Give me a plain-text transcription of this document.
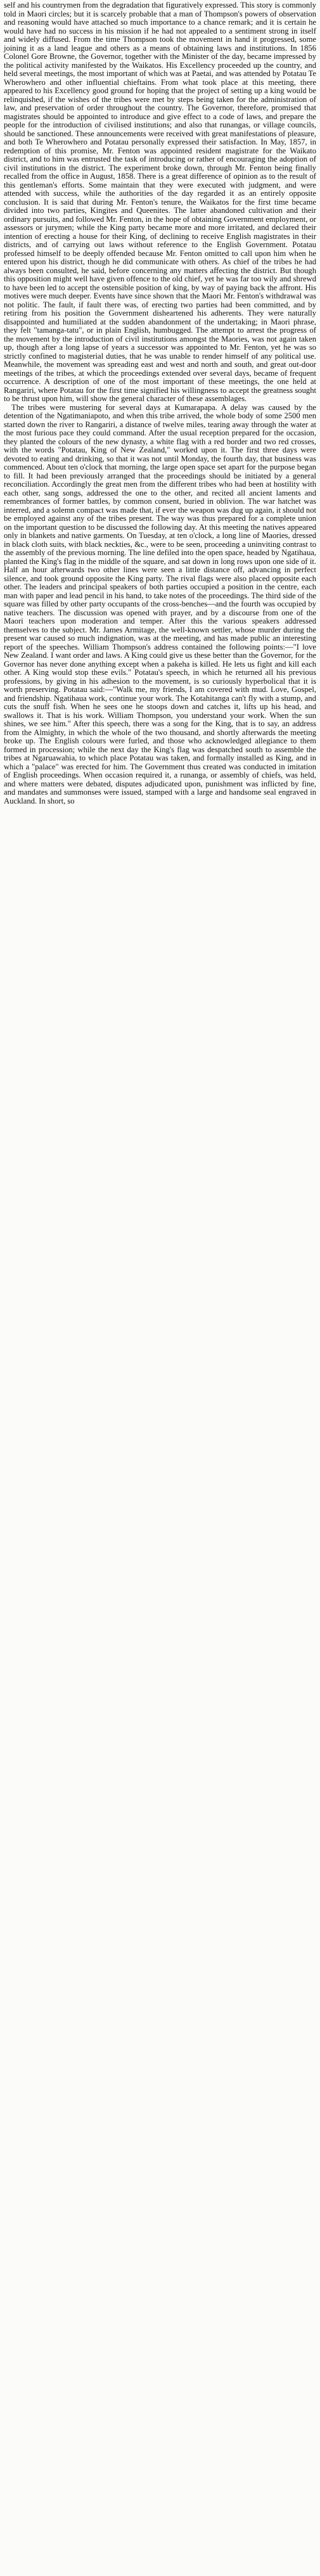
self and his countrymen from the degradation that figuratively expressed. This story is commonly told in Maori circles; but it is scarcely probable that a man of Thompson's powers of observation and reasoning would have attached so much importance to a chance remark; and it is certain he would have had no success in his mission if he had not appealed to a sentiment strong in itself and widely diffused. From the time Thompson took the movement in hand it progressed, some joining it as a land league and others as a means of obtaining laws and institutions. In 1856 Colonel Gore Browne, the Governor, together with the Minister of the day, became impressed by the political activity manifested by the Waikatos. His Excellency proceeded up the country, and held several meetings, the most important of which was at Paetai, and was attended by Potatau Te Wherowhero and other influential chieftains. From what took place at this meeting, there appeared to his Excellency good ground for hoping that the project of setting up a king would be relinquished, if the wishes of the tribes were met by steps being taken for the administration of law, and preservation of order throughout the country. The Governor, therefore, promised that magistrates should be appointed to introduce and give effect to a code of laws, and prepare the people for the introduction of civilised institutions; and also that runangas, or village councils, should be sanctioned. These announcements were received with great manifestations of pleasure, and both Te Wherowhero and Potatau personally expressed their satisfaction. In May, 1857, in redemption of this promise, Mr. Fenton was appointed resident magistrate for the Waikato district, and to him was entrusted the task of introducing or rather of encouraging the adoption of civil institutions in the district. The experiment broke down, through Mr. Fenton being finally recalled from the office in August, 1858. There is a great difference of opinion as to the result of this gentleman's efforts. Some maintain that they were executed with judgment, and were attended with success, while the authorities of the day regarded it as an entirely opposite conclusion. It is said that during Mr. Fenton's tenure, the Waikatos for the first time became divided into two parties, Kingites and Queenites. The latter abandoned cultivation and their ordinary pursuits, and followed Mr. Fenton, in the hope of obtaining Government employment, or assessors or jurymen; while the King party became more and more irritated, and declared their intention of erecting a house for their King, of declining to receive English magistrates in their districts, and of carrying out laws without reference to the English Government. Potatau professed himself to be deeply offended because Mr. Fenton omitted to call upon him when he entered upon his district, though he did communicate with others. As chief of the tribes he had always been consulted, he said, before concerning any matters affecting the district. But though this opposition might well have given offence to the old chief, yet he was far too wily and shrewd to have been led to accept the ostensible position of king, by way of paying back the affront. His motives were much deeper. Events have since shown that the Maori Mr. Fenton's withdrawal was not politic. The fault, if fault there was, of erecting two parties had been committed, and by retiring from his position the Government disheartened his adherents. They were naturally disappointed and humiliated at the sudden abandonment of the undertaking; in Maori phrase, they felt "tamanga-tatu", or in plain English, humbugged. The attempt to arrest the progress of the movement by the introduction of civil institutions amongst the Maories, was not again taken up, though after a long lapse of years a successor was appointed to Mr. Fenton, yet he was so strictly confined to magisterial duties, that he was unable to render himself of any political use. Meanwhile, the movement was spreading east and west and north and south, and great out-door meetings of the tribes, at which the proceedings extended over several days, became of frequent occurrence. A description of one of the most important of these meetings, the one held at Rangariri, where Potatau for the first time signified his willingness to accept the greatness sought to be thrust upon him, will show the general character of these assemblages.

The tribes were mustering for several days at Kumarapapa. A delay was caused by the detention of the Ngatimaniapoto, and when this tribe arrived, the whole body of some 2500 men started down the river to Rangariri, a distance of twelve miles, tearing away through the water at the most furious pace they could command. After the usual reception prepared for the occasion, they planted the colours of the new dynasty, a white flag with a red border and two red crosses, with the words "Potatau, King of New Zealand," worked upon it. The first three days were devoted to eating and drinking, so that it was not until Monday, the fourth day, that business was commenced. About ten o'clock that morning, the large open space set apart for the purpose began to fill. It had been previously arranged that the proceedings should be initiated by a general reconciliation. Accordingly the great men from the different tribes who had been at hostility with each other, sang songs, addressed the one to the other, and recited all ancient laments and remembrances of former battles, by common consent, buried in oblivion. The war hatchet was interred, and a solemn compact was made that, if ever the weapon was dug up again, it should not be employed against any of the tribes present. The way was thus prepared for a complete union on the important question to be discussed the following day. At this meeting the natives appeared only in blankets and native garments. On Tuesday, at ten o'clock, a long line of Maories, dressed in black cloth suits, with black neckties, &c., were to be seen, proceeding a uninviting contrast to the assembly of the previous morning. The line defiled into the open space, headed by Ngatihaua, planted the King's flag in the middle of the square, and sat down in long rows upon one side of it. Half an hour afterwards two other lines were seen a little distance off, advancing in perfect silence, and took ground opposite the King party. The rival flags were also placed opposite each other. The leaders and principal speakers of both parties occupied a position in the centre, each man with paper and lead pencil in his hand, to take notes of the proceedings. The third side of the square was filled by other party occupants of the cross-benches—and the fourth was occupied by native teachers. The discussion was opened with prayer, and by a discourse from one of the Maori teachers upon moderation and temper. After this the various speakers addressed themselves to the subject. Mr. James Armitage, the well-known settler, whose murder during the present war caused so much indignation, was at the meeting, and has made public an interesting report of the speeches. William Thompson's address contained the following points:—"I love New Zealand. I want order and laws. A King could give us these better than the Governor, for the Governor has never done anything except when a pakeha is killed. He lets us fight and kill each other. A King would stop these evils." Potatau's speech, in which he returned all his previous professions, by giving in his adhesion to the movement, is so curiously hyperbolical that it is worth preserving. Potatau said:—"Walk me, my friends, I am covered with mud. Love, Gospel, and friendship. Ngatihaua work, continue your work. The Kotahitanga can't fly with a stump, and cuts the snuff fish. When he sees one he stoops down and catches it, lifts up his head, and swallows it. That is his work. William Thompson, you understand your work. When the sun shines, we see him." After this speech, there was a song for the King, that is to say, an address from the Almighty, in which the whole of the two thousand, and shortly afterwards the meeting broke up. The English colours were furled, and those who acknowledged allegiance to them formed in procession; while the next day the King's flag was despatched south to assemble the tribes at Ngaruawahia, to which place Potatau was taken, and formally installed as King, and in which a "palace" was erected for him. The Government thus created was conducted in imitation of English proceedings. When occasion required it, a runanga, or assembly of chiefs, was held, and where matters were debated, disputes adjudicated upon, punishment was inflicted by fine, and mandates and summonses were issued, stamped with a large and handsome seal engraved in Auckland. In short, so
